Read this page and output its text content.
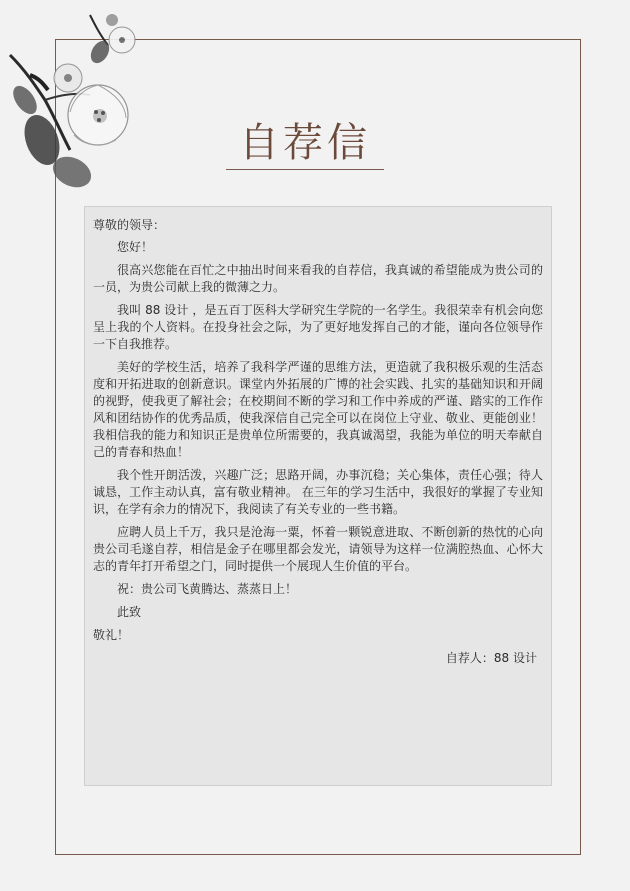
自荐信

尊敬的领导：

您好！

很高兴您能在百忙之中抽出时间来看我的自荐信，我真诚的希望能成为贵公司的一员，为贵公司献上我的微薄之力。

我叫 88 设计 ，是五百丁医科大学研究生学院的一名学生。我很荣幸有机会向您呈上我的个人资料。在投身社会之际，为了更好地发挥自己的才能，谨向各位领导作一下自我推荐。

美好的学校生活，培养了我科学严谨的思维方法，更造就了我积极乐观的生活态度和开拓进取的创新意识。课堂内外拓展的广博的社会实践、扎实的基础知识和开阔的视野，使我更了解社会；在校期间不断的学习和工作中养成的严谨、踏实的工作作风和团结协作的优秀品质，使我深信自己完全可以在岗位上守业、敬业、更能创业！我相信我的能力和知识正是贵单位所需要的，我真诚渴望，我能为单位的明天奉献自己的青春和热血！

我个性开朗活泼，兴趣广泛；思路开阔，办事沉稳；关心集体，责任心强；待人诚恳，工作主动认真，富有敬业精神。 在三年的学习生活中，我很好的掌握了专业知识，在学有余力的情况下，我阅读了有关专业的一些书籍。

应聘人员上千万，我只是沧海一粟，怀着一颗锐意进取、不断创新的热忱的心向贵公司毛遂自荐，相信是金子在哪里都会发光，请领导为这样一位满腔热血、心怀大志的青年打开希望之门，同时提供一个展现人生价值的平台。

祝：贵公司飞黄腾达、蒸蒸日上！

此致

敬礼！

自荐人：88 设计
